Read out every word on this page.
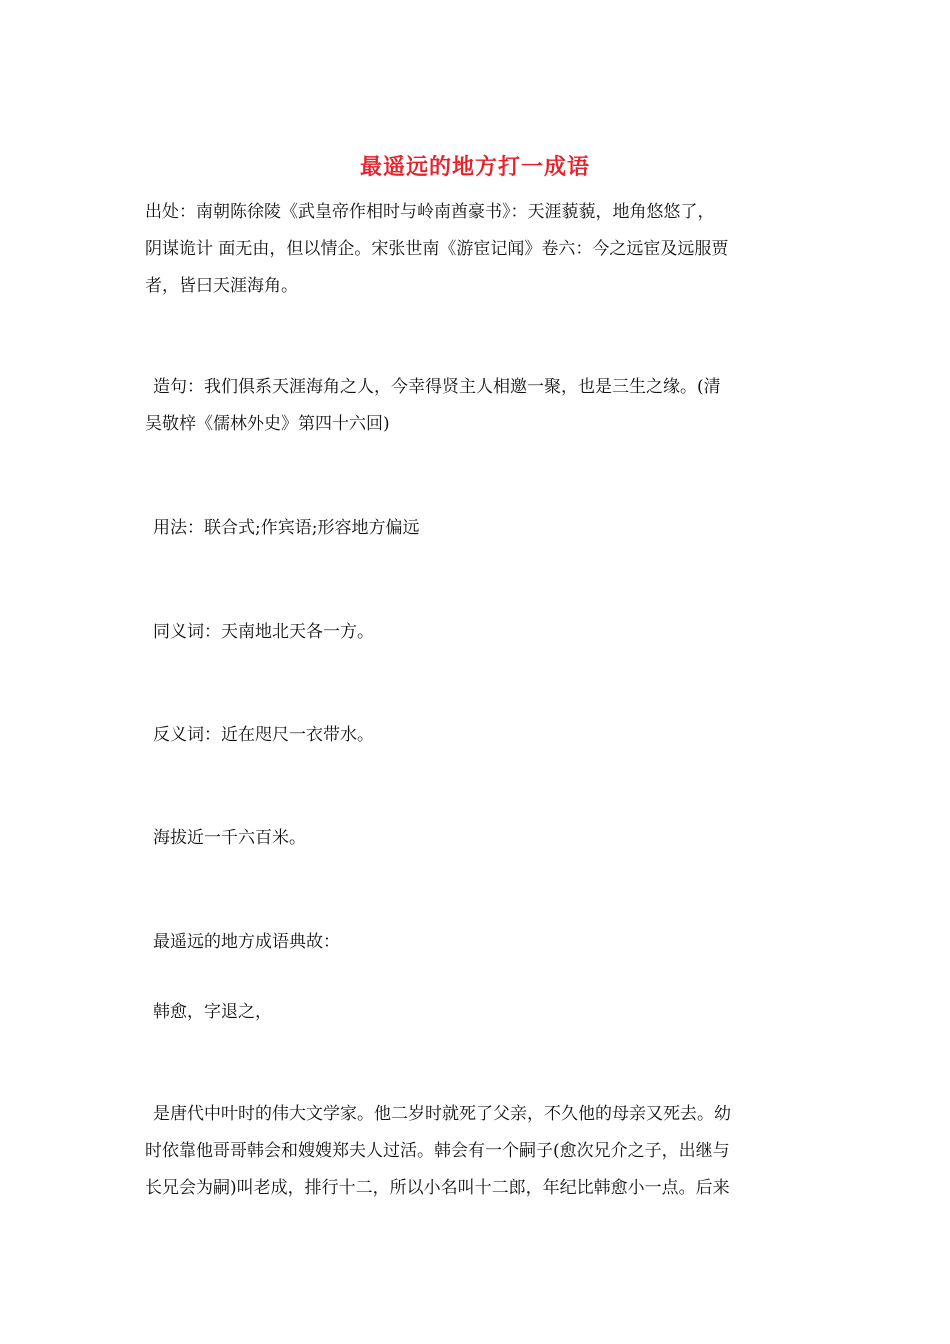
最遥远的地方打一成语
出处：南朝陈徐陵《武皇帝作相时与岭南酋豪书》：天涯藐藐，地角悠悠了，
阴谋诡计 面无由，但以情企。宋张世南《游宦记闻》卷六：今之远宦及远服贾
者，皆曰天涯海角。
造句：我们俱系天涯海角之人，今幸得贤主人相邀一聚，也是三生之缘。(清
吴敬梓《儒林外史》第四十六回)
用法：联合式;作宾语;形容地方偏远
同义词：天南地北天各一方。
反义词：近在咫尺一衣带水。
海拔近一千六百米。
最遥远的地方成语典故：
韩愈，字退之，
是唐代中叶时的伟大文学家。他二岁时就死了父亲，不久他的母亲又死去。幼
时依靠他哥哥韩会和嫂嫂郑夫人过活。韩会有一个嗣子(愈次兄介之子，出继与
长兄会为嗣)叫老成，排行十二，所以小名叫十二郎，年纪比韩愈小一点。后来
